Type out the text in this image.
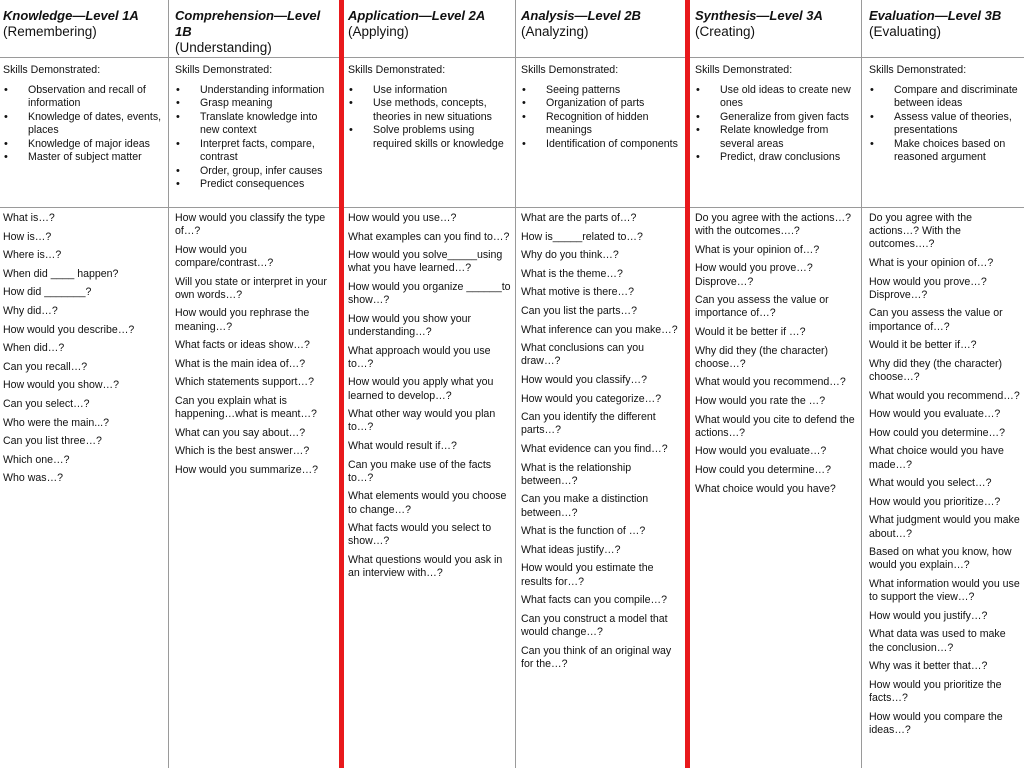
Knowledge—Level 1A
(Remembering)
Skills Demonstrated:
• Observation and recall of information
• Knowledge of dates, events, places
• Knowledge of major ideas
• Master of subject matter
What is…?
How is…?
Where is…?
When did ____ happen?
How did _______?
Why did…?
How would you describe…?
When did…?
Can you recall…?
How would you show…?
Can you select…?
Who were the main...?
Can you list three…?
Which one…?
Who was…?
Comprehension—Level 1B
(Understanding)
Skills Demonstrated:
• Understanding information
• Grasp meaning
• Translate knowledge into new context
• Interpret facts, compare, contrast
• Order, group, infer causes
• Predict consequences
How would you classify the type of…?
How would you compare/contrast…?
Will you state or interpret in your own words…?
How would you rephrase the meaning…?
What facts or ideas show…?
What is the main idea of…?
Which statements support…?
Can you explain what is happening…what is meant…?
What can you say about…?
Which is the best answer…?
How would you summarize…?
Application—Level 2A
(Applying)
Skills Demonstrated:
• Use information
• Use methods, concepts, theories in new situations
• Solve problems using required skills or knowledge
How would you use…?
What examples can you find to…?
How would you solve_____using what you have learned…?
How would you organize ______to show…?
How would you show your understanding…?
What approach would you use to…?
How would you apply what you learned to develop…?
What other way would you plan to…?
What would result if…?
Can you make use of the facts to…?
What elements would you choose to change…?
What facts would you select to show…?
What questions would you ask in an interview with…?
Analysis—Level 2B
(Analyzing)
Skills Demonstrated:
• Seeing patterns
• Organization of parts
• Recognition of hidden meanings
• Identification of components
What are the parts of…?
How is_____related to…?
Why do you think…?
What is the theme…?
What motive is there…?
Can you list the parts…?
What inference can you make…?
What conclusions can you draw…?
How would you classify…?
How would you categorize…?
Can you identify the different parts…?
What evidence can you find…?
What is the relationship between…?
Can you make a distinction between…?
What is the function of …?
What ideas justify…?
How would you estimate the results for…?
What facts can you compile…?
Can you construct a model that would change…?
Can you think of an original way for the…?
Synthesis—Level 3A
(Creating)
Skills Demonstrated:
• Use old ideas to create new ones
• Generalize from given facts
• Relate knowledge from several areas
• Predict, draw conclusions
Do you agree with the actions…? with the outcomes….?
What is your opinion of…?
How would you prove…? Disprove…?
Can you assess the value or importance of…?
Would it be better if …?
Why did they (the character) choose…?
What would you recommend…?
How would you rate the …?
What would you cite to defend the actions…?
How would you evaluate…?
How could you determine…?
What choice would you have?
Evaluation—Level 3B
(Evaluating)
Skills Demonstrated:
• Compare and discriminate between ideas
• Assess value of theories, presentations
• Make choices based on reasoned argument
Do you agree with the actions…? With the outcomes….?
What is your opinion of…?
How would you prove…? Disprove…?
Can you assess the value or importance of…?
Would it be better if…?
Why did they (the character) choose…?
What would you recommend…?
How would you evaluate…?
How could you determine…?
What choice would you have made…?
What would you select…?
How would you prioritize…?
What judgment would you make about…?
Based on what you know, how would you explain…?
What information would you use to support the view…?
How would you justify…?
What data was used to make the conclusion…?
Why was it better that…?
How would you prioritize the facts…?
How would you compare the ideas…?
